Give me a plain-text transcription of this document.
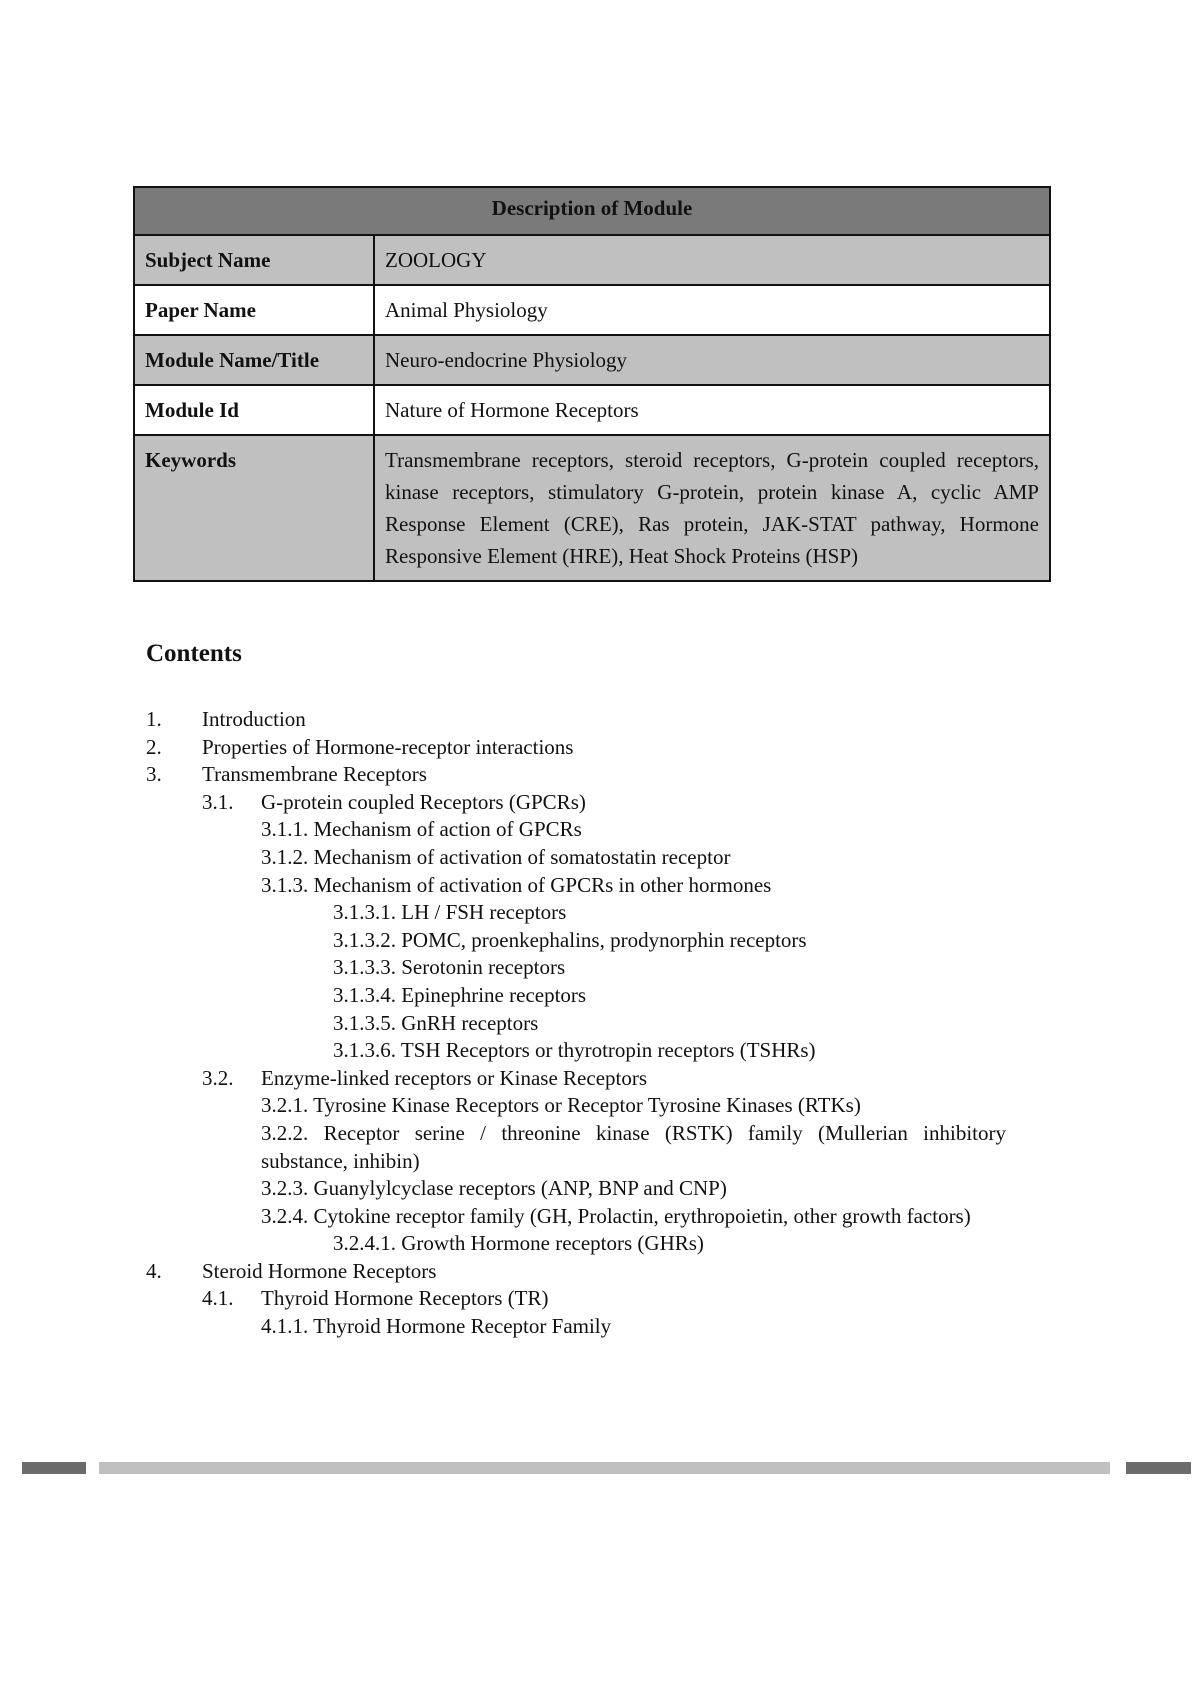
Description of Module	
Subject Name	ZOOLOGY
Paper Name	Animal Physiology
Module Name/Title	Neuro-endocrine Physiology
Module Id	Nature of Hormone Receptors
Keywords	Transmembrane receptors, steroid receptors, G-protein coupled receptors, kinase receptors, stimulatory G-protein, protein kinase A, cyclic AMP Response Element (CRE), Ras protein, JAK-STAT pathway, Hormone Responsive Element (HRE), Heat Shock Proteins (HSP)
Contents
1. Introduction
2. Properties of Hormone-receptor interactions
3. Transmembrane Receptors
3.1. G-protein coupled Receptors (GPCRs)
3.1.1. Mechanism of action of GPCRs
3.1.2. Mechanism of activation of somatostatin receptor
3.1.3. Mechanism of activation of GPCRs in other hormones
3.1.3.1. LH / FSH receptors
3.1.3.2. POMC, proenkephalins, prodynorphin receptors
3.1.3.3. Serotonin receptors
3.1.3.4. Epinephrine receptors
3.1.3.5. GnRH receptors
3.1.3.6. TSH Receptors or thyrotropin receptors (TSHRs)
3.2. Enzyme-linked receptors or Kinase Receptors
3.2.1. Tyrosine Kinase Receptors or Receptor Tyrosine Kinases (RTKs)
3.2.2. Receptor serine / threonine kinase (RSTK) family (Mullerian inhibitory substance, inhibin)
3.2.3. Guanylylcyclase receptors (ANP, BNP and CNP)
3.2.4. Cytokine receptor family (GH, Prolactin, erythropoietin, other growth factors)
3.2.4.1. Growth Hormone receptors (GHRs)
4. Steroid Hormone Receptors
4.1. Thyroid Hormone Receptors (TR)
4.1.1. Thyroid Hormone Receptor Family
